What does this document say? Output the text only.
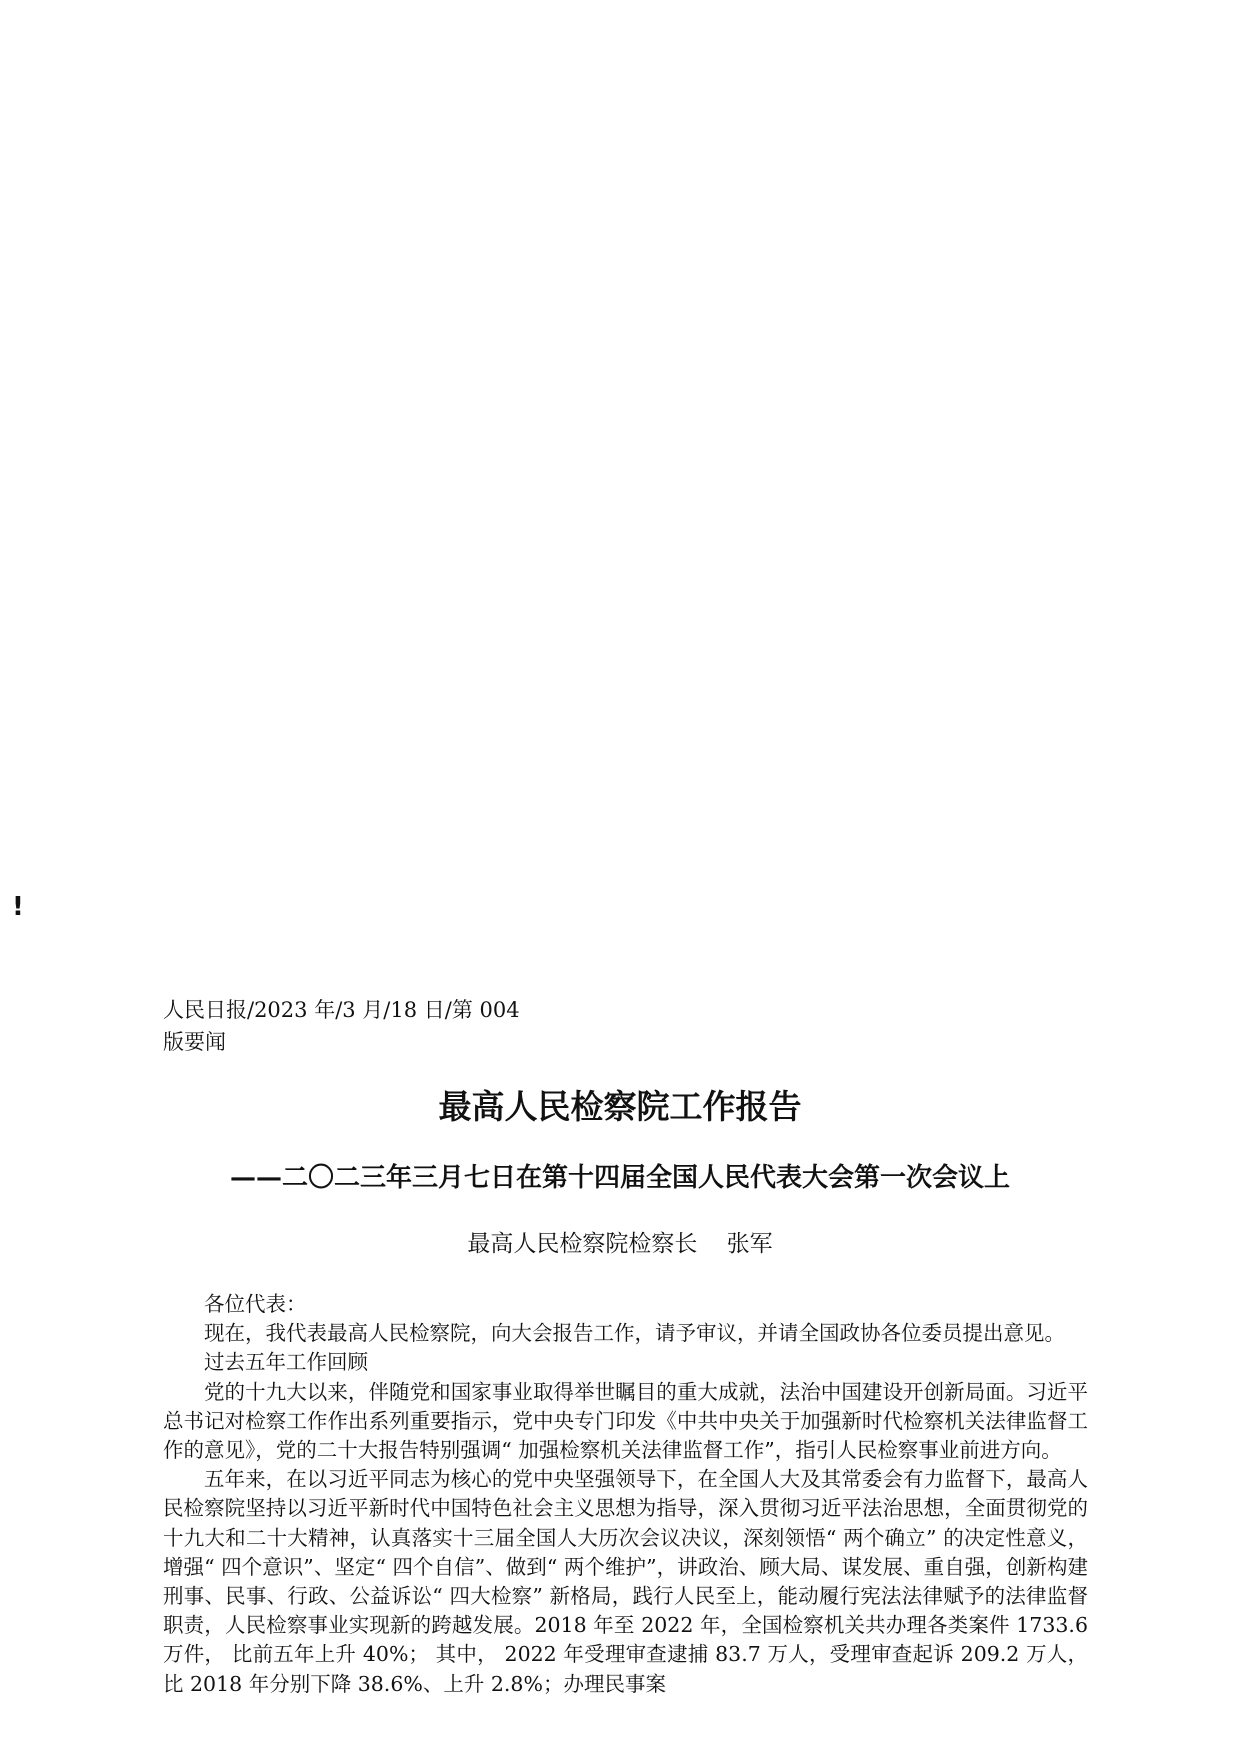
!
人民日报/2023 年/3 月/18 日/第 004 版要闻
最高人民检察院工作报告
——二〇二三年三月七日在第十四届全国人民代表大会第一次会议上
最高人民检察院检察长    张军

各位代表：

现在，我代表最高人民检察院，向大会报告工作，请予审议，并请全国政协各位委员提出意见。

过去五年工作回顾

党的十九大以来，伴随党和国家事业取得举世瞩目的重大成就，法治中国建设开创新局面。习近平总书记对检察工作作出系列重要指示，党中央专门印发《中共中央关于加强新时代检察机关法律监督工作的意见》，党的二十大报告特别强调“ 加强检察机关法律监督工作”，指引人民检察事业前进方向。

五年来，在以习近平同志为核心的党中央坚强领导下，在全国人大及其常委会有力监督下，最高人民检察院坚持以习近平新时代中国特色社会主义思想为指导，深入贯彻习近平法治思想，全面贯彻党的十九大和二十大精神，认真落实十三届全国人大历次会议决议，深刻领悟“ 两个确立” 的决定性意义，增强“ 四个意识”、坚定“ 四个自信”、做到“ 两个维护”，讲政治、顾大局、谋发展、重自强，创新构建刑事、民事、行政、公益诉讼“ 四大检察” 新格局，践行人民至上，能动履行宪法法律赋予的法律监督职责，人民检察事业实现新的跨越发展。2018 年至 2022 年，全国检察机关共办理各类案件 1733.6 万件， 比前五年上升 40%； 其中， 2022 年受理审查逮捕 83.7 万人，受理审查起诉 209.2 万人，比 2018 年分别下降 38.6%、上升 2.8%；办理民事案
